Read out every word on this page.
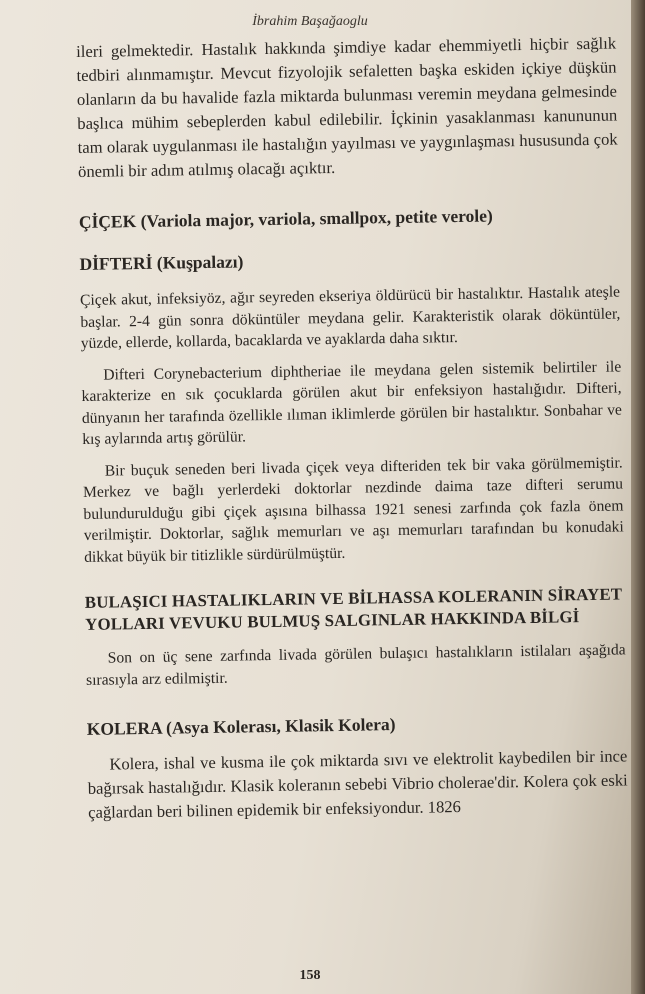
İbrahim Başağaoglu

ileri gelmektedir. Hastalık hakkında şimdiye kadar ehemmiyetli hiçbir sağlık tedbiri alınmamıştır. Mevcut fizyolojik sefaletten başka eskiden içkiye düşkün olanların da bu havalide fazla miktarda bulunması veremin meydana gelmesinde başlıca mühim sebeplerden kabul edilebilir. İçkinin yasaklanması kanununun tam olarak uygulanması ile hastalığın yayılması ve yaygınlaşması hususunda çok önemli bir adım atılmış olacağı açıktır.

ÇİÇEK (Variola major, variola, smallpox, petite verole)
DİFTERİ (Kuşpalazı)

Çiçek akut, infeksiyöz, ağır seyreden ekseriya öldürücü bir hastalıktır. Hastalık ateşle başlar. 2-4 gün sonra döküntüler meydana gelir. Karakteristik olarak döküntüler, yüzde, ellerde, kollarda, bacaklarda ve ayaklarda daha sıktır.

Difteri Corynebacterium diphtheriae ile meydana gelen sistemik belirtiler ile karakterize en sık çocuklarda görülen akut bir enfeksiyon hastalığıdır. Difteri, dünyanın her tarafında özellikle ılıman iklimlerde görülen bir hastalıktır. Sonbahar ve kış aylarında artış görülür.

Bir buçuk seneden beri livada çiçek veya difteriden tek bir vaka görülmemiştir. Merkez ve bağlı yerlerdeki doktorlar nezdinde daima taze difteri serumu bulundurulduğu gibi çiçek aşısına bilhassa 1921 senesi zarfında çok fazla önem verilmiştir. Doktorlar, sağlık memurları ve aşı memurları tarafından bu konudaki dikkat büyük bir titizlikle sürdürülmüştür.

BULAŞICI HASTALIKLARIN VE BİLHASSA KOLERANIN SİRAYET YOLLARI VEVUKU BULMUŞ SALGINLAR HAKKINDA BİLGİ

Son on üç sene zarfında livada görülen bulaşıcı hastalıkların istilaları aşağıda sırasıyla arz edilmiştir.

KOLERA (Asya Kolerası, Klasik Kolera)

Kolera, ishal ve kusma ile çok miktarda sıvı ve elektrolit kaybedilen bir ince bağırsak hastalığıdır. Klasik koleranın sebebi Vibrio cholerae'dir. Kolera çok eski çağlardan beri bilinen epidemik bir enfeksiyondur. 1826

158
